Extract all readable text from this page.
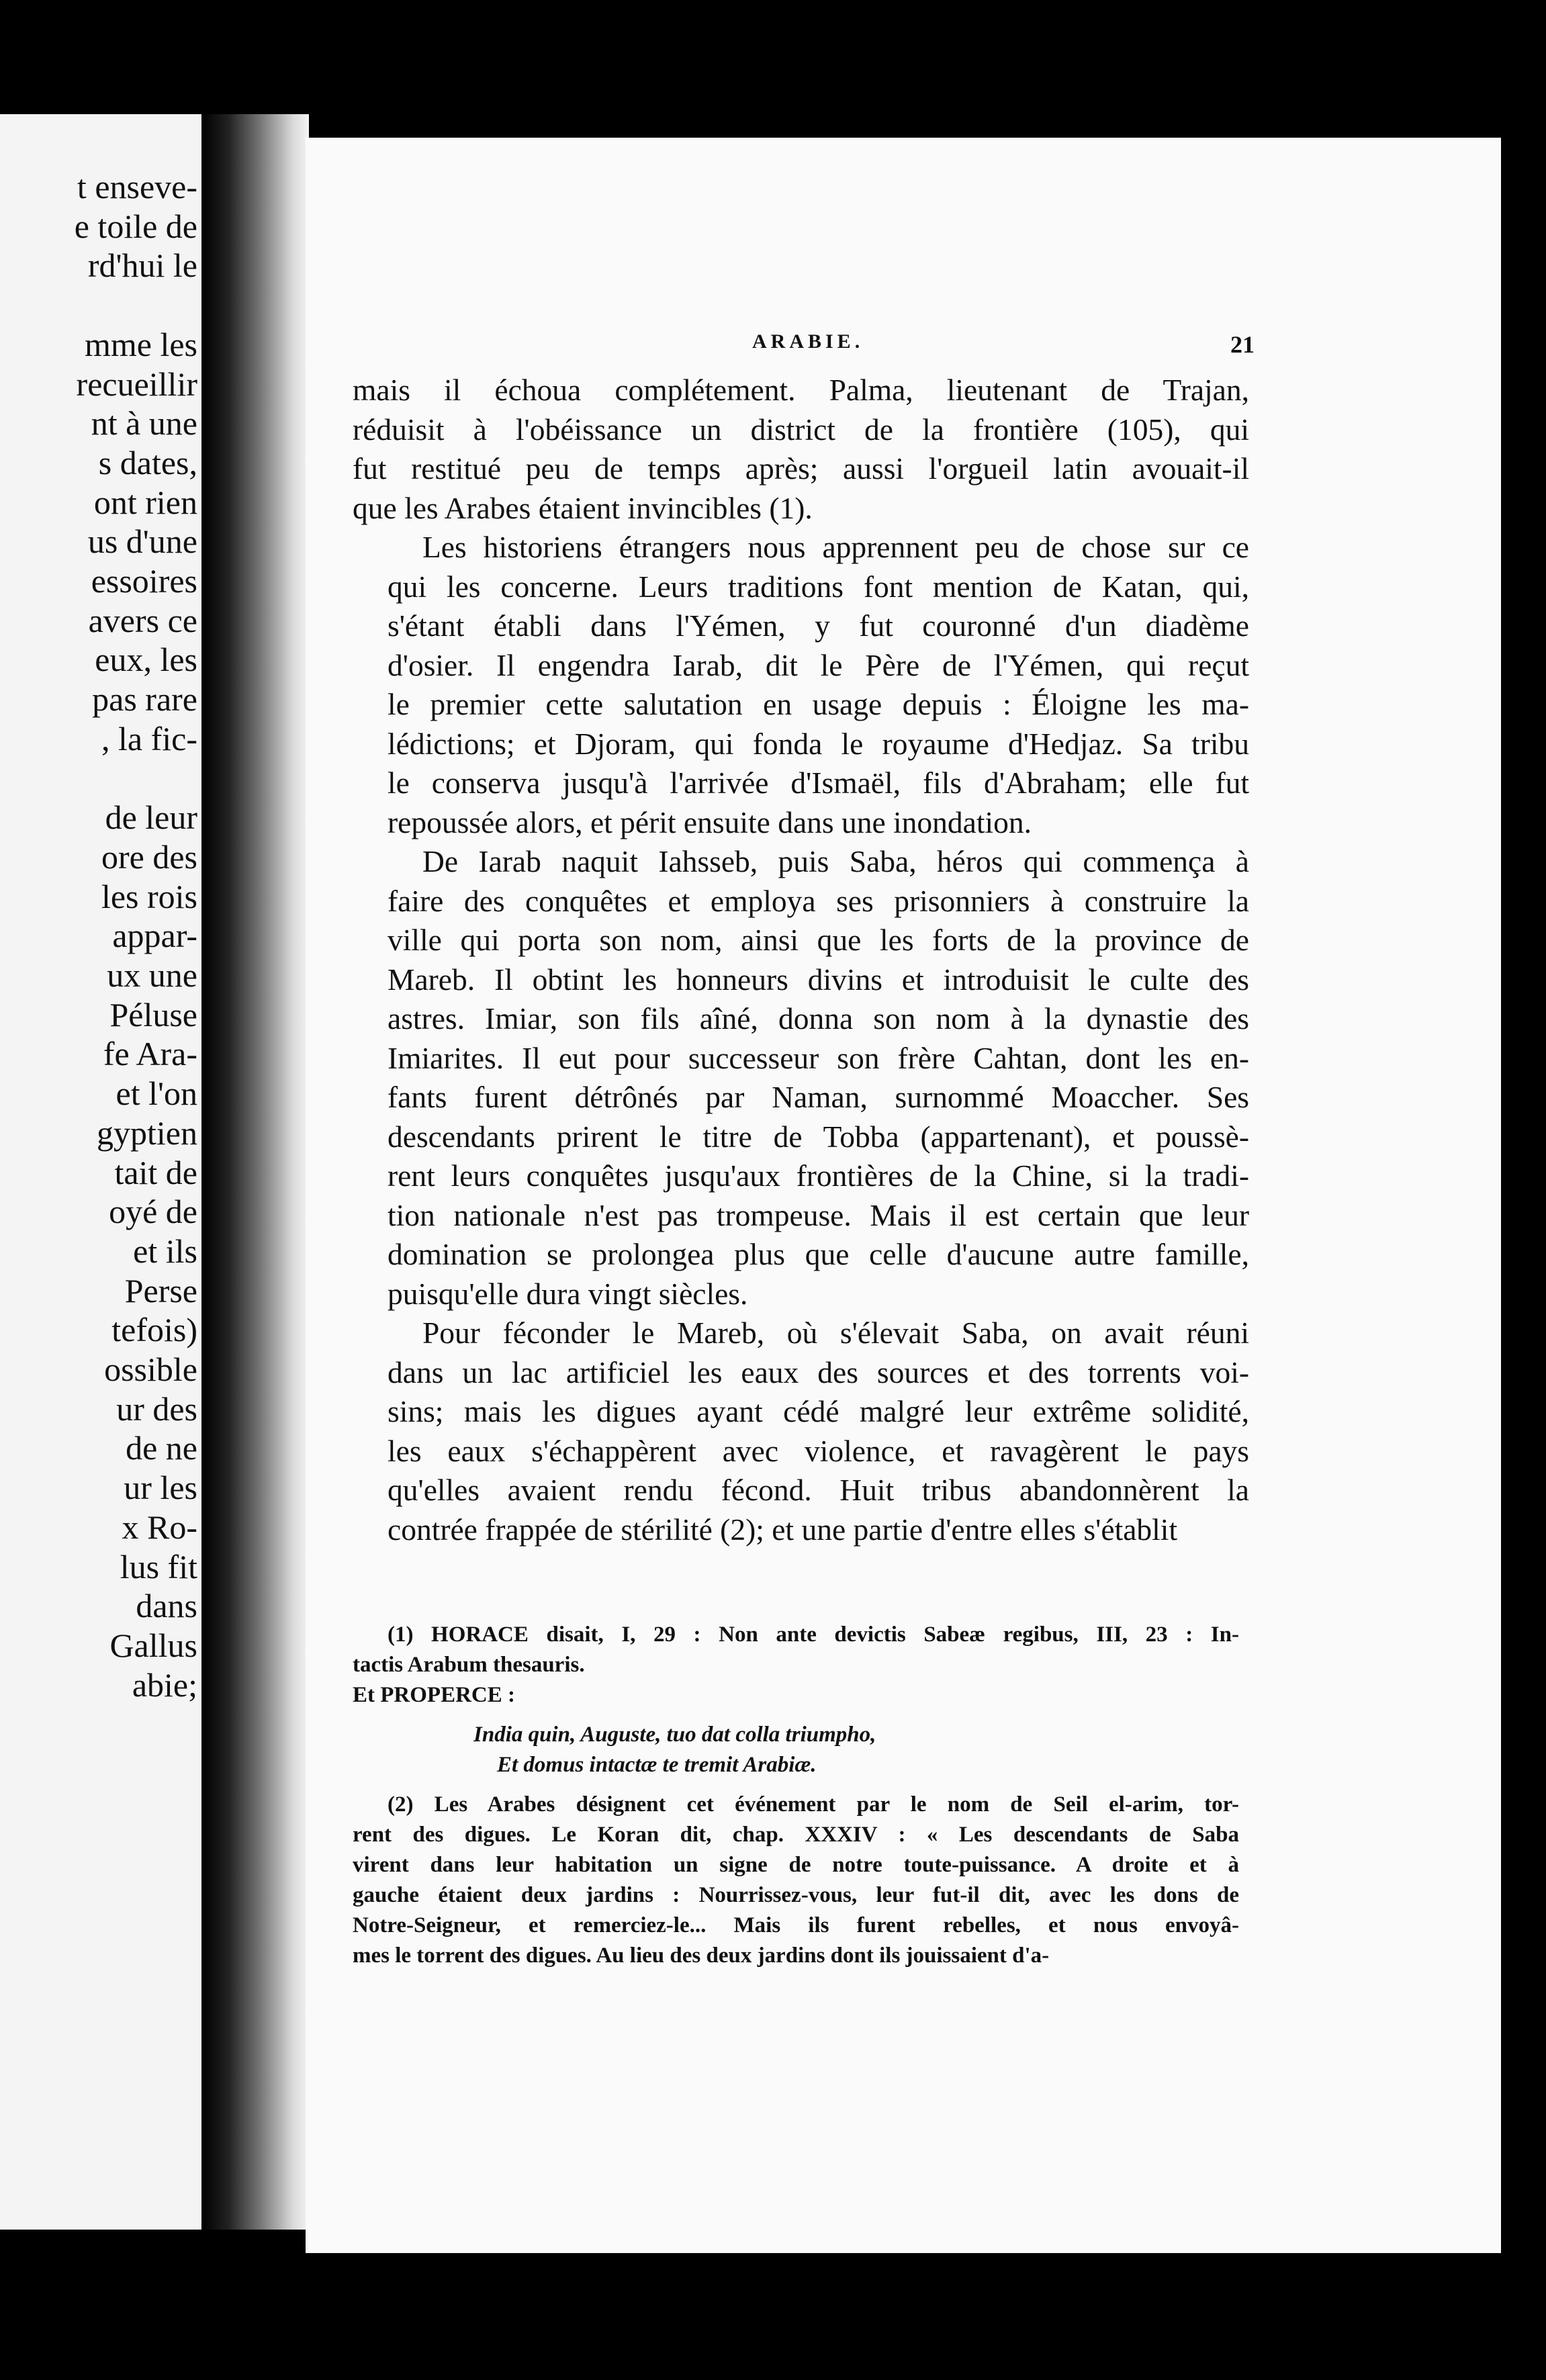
t enseve-
e toile de
rd'hui le
mme les
recueillir
nt à une
s dates,
ont rien
us d'une
essoires
avers ce
eux, les
pas rare
, la fic-
de leur
ore des
les rois
appar-
ux une
Péluse
fe Ara-
et l'on
gyptien
tait de
oyé de
et ils
Perse
tefois)
ossible
ur des
de ne
ur les
x Ro-
lus fit
dans
Gallus
abie;
ARABIE.	21

mais il échoua complétement. Palma, lieutenant de Trajan,
réduisit à l'obéissance un district de la frontière (105), qui
fut restitué peu de temps après; aussi l'orgueil latin avouait-il
que les Arabes étaient invincibles (1).

Les historiens étrangers nous apprennent peu de chose sur ce
qui les concerne. Leurs traditions font mention de Katan, qui,
s'étant établi dans l'Yémen, y fut couronné d'un diadème
d'osier. Il engendra Iarab, dit le Père de l'Yémen, qui reçut
le premier cette salutation en usage depuis : Éloigne les ma-
lédictions; et Djoram, qui fonda le royaume d'Hedjaz. Sa tribu
le conserva jusqu'à l'arrivée d'Ismaël, fils d'Abraham; elle fut
repoussée alors, et périt ensuite dans une inondation.

De Iarab naquit Iahsseb, puis Saba, héros qui commença à
faire des conquêtes et employa ses prisonniers à construire la
ville qui porta son nom, ainsi que les forts de la province de
Mareb. Il obtint les honneurs divins et introduisit le culte des
astres. Imiar, son fils aîné, donna son nom à la dynastie des
Imiarites. Il eut pour successeur son frère Cahtan, dont les en-
fants furent détrônés par Naman, surnommé Moaccher. Ses
descendants prirent le titre de Tobba (appartenant), et poussè-
rent leurs conquêtes jusqu'aux frontières de la Chine, si la tradi-
tion nationale n'est pas trompeuse. Mais il est certain que leur
domination se prolongea plus que celle d'aucune autre famille,
puisqu'elle dura vingt siècles.

Pour féconder le Mareb, où s'élevait Saba, on avait réuni
dans un lac artificiel les eaux des sources et des torrents voi-
sins; mais les digues ayant cédé malgré leur extrême solidité,
les eaux s'échappèrent avec violence, et ravagèrent le pays
qu'elles avaient rendu fécond. Huit tribus abandonnèrent la
contrée frappée de stérilité (2); et une partie d'entre elles s'établit

(1) HORACE disait, I, 29 : Non ante devictis Sabeæ regibus, III, 23 : In-
tactis Arabum thesauris.
Et PROPERCE :
India quin, Auguste, tuo dat colla triumpho,
Et domus intactæ te tremit Arabiæ.
(2) Les Arabes désignent cet événement par le nom de Seil el-arim, tor-
rent des digues. Le Koran dit, chap. XXXIV : « Les descendants de Saba
virent dans leur habitation un signe de notre toute-puissance. A droite et à
gauche étaient deux jardins : Nourrissez-vous, leur fut-il dit, avec les dons de
Notre-Seigneur, et remerciez-le... Mais ils furent rebelles, et nous envoyâ-
mes le torrent des digues. Au lieu des deux jardins dont ils jouissaient d'a-
